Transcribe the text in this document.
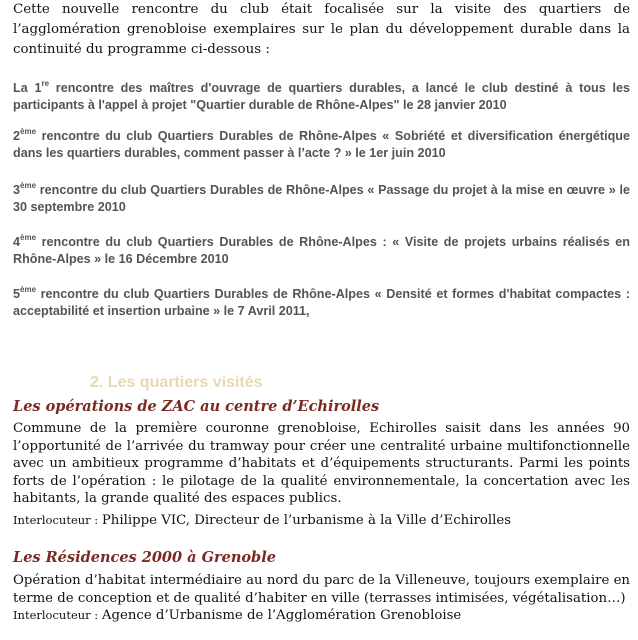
Cette nouvelle rencontre du club était focalisée sur la visite des quartiers de l’agglomération grenobloise exemplaires sur le plan du développement durable dans la continuité du programme ci-dessous :
La 1re rencontre des maîtres d'ouvrage de quartiers durables, a lancé le club destiné à tous les participants à l'appel à projet "Quartier durable de Rhône-Alpes" le 28 janvier 2010
2ème rencontre du club Quartiers Durables de Rhône-Alpes « Sobriété et diversification énergétique dans les quartiers durables, comment passer à l’acte ? » le 1er juin 2010
3ème rencontre du club Quartiers Durables de Rhône-Alpes « Passage du projet à la mise en œuvre » le 30 septembre 2010
4ème rencontre du club Quartiers Durables de Rhône-Alpes : « Visite de projets urbains réalisés en Rhône-Alpes » le 16 Décembre 2010
5ème rencontre du club Quartiers Durables de Rhône-Alpes « Densité et formes d'habitat compactes : acceptabilité et insertion urbaine » le 7 Avril 2011,
2. Les quartiers visités
Les opérations de ZAC au centre d’Echirolles
Commune de la première couronne grenobloise, Echirolles saisit dans les années 90 l’opportunité de l’arrivée du tramway pour créer une centralité urbaine multifonctionnelle avec un ambitieux programme d’habitats et d’équipements structurants. Parmi les points forts de l’opération : le pilotage de la qualité environnementale, la concertation avec les habitants, la grande qualité des espaces publics.
Interlocuteur : Philippe VIC, Directeur de l’urbanisme à la Ville d’Echirolles
Les Résidences 2000 à Grenoble
Opération d’habitat intermédiaire au nord du parc de la Villeneuve, toujours exemplaire en terme de conception et de qualité d’habiter en ville (terrasses intimisées, végétalisation…)
Interlocuteur : Agence d’Urbanisme de l’Agglomération Grenobloise
